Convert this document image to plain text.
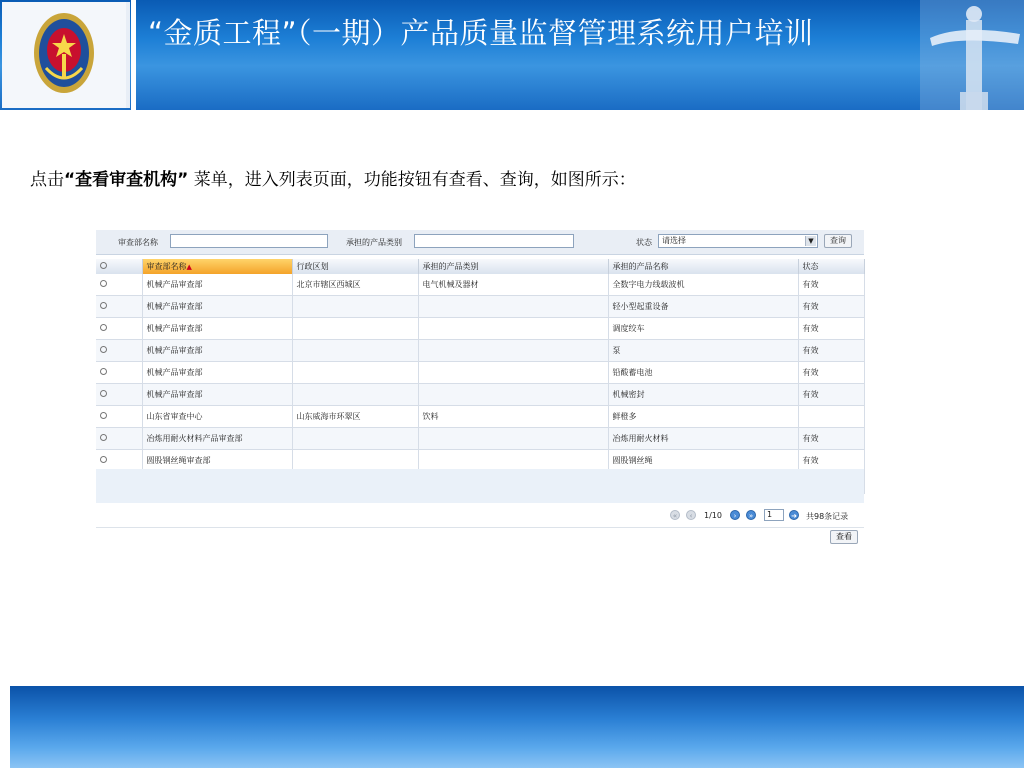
“金质工程”（一期）产品质量监督管理系统用户培训
点击“查看审查机构” 菜单，进入列表页面，功能按钮有查看、查询，如图所示：
审查部名称	承担的产品类别	状态	请选择	▼	查询
	审查部名称▲	行政区划	承担的产品类别	承担的产品名称	状态
	机械产品审查部	北京市辖区西城区	电气机械及器材	全数字电力线载波机	有效
	机械产品审查部			轻小型起重设备	有效
	机械产品审查部			调度绞车	有效
	机械产品审查部			泵	有效
	机械产品审查部			铅酸蓄电池	有效
	机械产品审查部			机械密封	有效
	山东省审查中心	山东威海市环翠区	饮料	鲜橙多	
	冶炼用耐火材料产品审查部			冶炼用耐火材料	有效
	圆股钢丝绳审查部			圆股钢丝绳	有效

«	‹	1/10	›	»	1	➜ 共98条记录
查看
